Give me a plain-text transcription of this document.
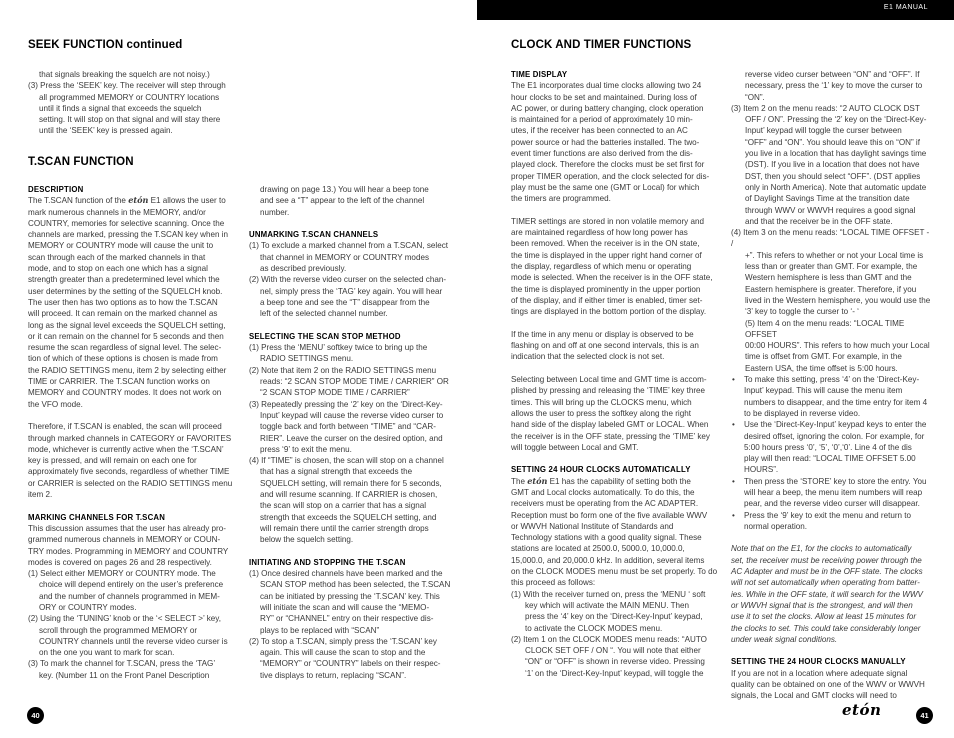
E1 MANUAL
SEEK FUNCTION continued

that signals breaking the squelch are not noisy.)

(3) Press the ‘SEEK’ key. The receiver will step through

all programmed MEMORY or COUNTRY locations

until it finds a signal that exceeds the squelch

setting. It will stop on that signal and will stay there

until the ‘SEEK’ key is pressed again.

T.SCAN FUNCTION

DESCRIPTION

The T.SCAN function of the etón E1 allows the user to

mark numerous channels in the MEMORY, and/or

COUNTRY, memories for selective scanning. Once the

channels are marked, pressing the T.SCAN key when in

MEMORY or COUNTRY mode will cause the unit to

scan through each of the marked channels in that

mode, and to stop on each one which has a signal

strength greater than a predetermined level which the

user determines by the setting of the SQUELCH knob.

The user then has two options as to how the T.SCAN

will proceed. It can remain on the marked channel as

long as the signal level exceeds the SQUELCH setting,

or it can remain on the channel for 5 seconds and then

resume the scan regardless of signal level. The selec-

tion of which of these options is chosen is made from

the RADIO SETTINGS menu, item 2 by selecting either

TIME or CARRIER. The T.SCAN function works on

MEMORY and COUNTRY modes. It does not work on

the VFO mode.

Therefore, if T.SCAN is enabled, the scan will proceed

through marked channels in CATEGORY or FAVORITES

mode, whichever is currently active when the ‘T.SCAN’

key is pressed, and will remain on each one for

approximately five seconds, regardless of whether TIME

or CARRIER is selected on the RADIO SETTINGS menu

item 2.

MARKING CHANNELS FOR T.SCAN

This discussion assumes that the user has already pro-

grammed numerous channels in MEMORY or COUN-

TRY modes. Programming in MEMORY and COUNTRY

modes is covered on pages 26 and 28 respectively.

(1) Select either MEMORY or COUNTRY mode. The

choice will depend entirely on the user’s preference

and the number of channels programmed in MEM-

ORY or COUNTRY modes.

(2) Using the ‘TUNING’ knob or the ‘< SELECT >’ key,

scroll through the programmed MEMORY or

COUNTRY channels until the reverse video curser is

on the one you want to mark for scan.

(3) To mark the channel for T.SCAN, press the ‘TAG’

key. (Number 11 on the Front Panel Description

drawing on page 13.) You will hear a beep tone

and see a “T” appear to the left of the channel

number.

UNMARKING T.SCAN CHANNELS

(1) To exclude a marked channel from a T.SCAN, select

that channel in MEMORY or COUNTRY modes

as described previously.

(2) With the reverse video curser on the selected chan-

nel, simply press the ‘TAG’ key again. You will hear

a beep tone and see the “T” disappear from the

left of the selected channel number.

SELECTING THE SCAN STOP METHOD

(1) Press the ‘MENU’ softkey twice to bring up the

RADIO SETTINGS menu.

(2) Note that item 2 on the RADIO SETTINGS menu

reads: “2 SCAN STOP MODE TIME / CARRIER” OR

“2 SCAN STOP MODE TIME / CARRIER”

(3) Repeatedly pressing the ‘2’ key on the ‘Direct-Key-

Input’ keypad will cause the reverse video curser to

toggle back and forth between “TIME” and “CAR-

RIER”. Leave the curser on the desired option, and

press ‘9’ to exit the menu.

(4) If “TIME” is chosen, the scan will stop on a channel

that has a signal strength that exceeds the

SQUELCH setting, will remain there for 5 seconds,

and will resume scanning. If CARRIER is chosen,

the scan will stop on a carrier that has a signal

strength that exceeds the SQUELCH setting, and

will remain there until the carrier strength drops

below the squelch setting.

INITIATING AND STOPPING THE T.SCAN

(1) Once desired channels have been marked and the

SCAN STOP method has been selected, the T.SCAN

can be initiated by pressing the ‘T.SCAN’ key. This

will initiate the scan and will cause the “MEMO-

RY” or “CHANNEL” entry on their respective dis-

plays to be replaced with “SCAN”

(2) To stop a T.SCAN, simply press the ‘T.SCAN’ key

again. This will cause the scan to stop and the

“MEMORY” or “COUNTRY” labels on their respec-

tive displays to return, replacing “SCAN”.

40
CLOCK AND TIMER FUNCTIONS

TIME DISPLAY

The E1 incorporates dual time clocks allowing two 24

hour clocks to be set and maintained. During loss of

AC power, or during battery changing, clock operation

is maintained for a period of approximately 10 min-

utes, if the receiver has been connected to an AC

power source or had the batteries installed. The two-

event timer functions are also derived from the dis-

played clock. Therefore the clocks must be set first for

proper TIMER operation, and the clock selected for dis-

play must be the same one (GMT or Local) for which

the timers are programmed.

TIMER settings are stored in non volatile memory and

are maintained regardless of how long power has

been removed. When the receiver is in the ON state,

the time is displayed in the upper right hand corner of

the display, regardless of which menu or operating

mode is selected. When the receiver is in the OFF state,

the time is displayed prominently in the upper portion

of the display, and if either timer is enabled, timer set-

tings are displayed in the bottom portion of the display.

If the time in any menu or display is observed to be

flashing on and off at one second intervals, this is an

indication that the selected clock is not set.

Selecting between Local time and GMT time is accom-

plished by pressing and releasing the ‘TIME’ key three

times. This will bring up the CLOCKS menu, which

allows the user to press the softkey along the right

hand side of the display labeled GMT or LOCAL. When

the receiver is in the OFF state, pressing the ‘TIME’ key

will toggle between Local and GMT.

SETTING 24 HOUR CLOCKS AUTOMATICALLY

The etón E1 has the capability of setting both the

GMT and Local clocks automatically. To do this, the

receivers must be operating from the AC ADAPTER.

Reception must bo form one of the five available WWV

or WWVH National Institute of Standards and

Technology stations with a good quality signal. These

stations are located at 2500.0, 5000.0, 10,000.0,

15,000.0, and 20,000.0 kHz. In addition, several items

on the CLOCK MODES menu must be set properly. To do

this proceed as follows:

(1) With the receiver turned on, press the ‘MENU ‘ soft

key which will activate the MAIN MENU. Then

press the ‘4’ key on the ‘Direct-Key-Input’ keypad,

to activate the CLOCK MODES menu.

(2) Item 1 on the CLOCK MODES menu reads: “AUTO

CLOCK SET OFF / ON “. You will note that either

“ON” or “OFF” is shown in reverse video. Pressing

‘1’ on the ‘Direct-Key-Input’ keypad, will toggle the

reverse video curser between “ON” and “OFF”. If

necessary, press the ‘1’ key to move the curser to

“ON”.

(3) Item 2 on the menu reads: “2 AUTO CLOCK DST

OFF / ON”. Pressing the ‘2’ key on the ‘Direct-Key-

Input’ keypad will toggle the curser between

“OFF” and “ON”. You should leave this on “ON” if

you live in a location that has daylight savings time

(DST). If you live in a location that does not have

DST, then you should select “OFF”. (DST applies

only in North America). Note that automatic update

of Daylight Savings Time at the transition date

through WWV or WWVH requires a good signal

and that the receiver be in the OFF state.

(4) Item 3 on the menu reads: “LOCAL TIME OFFSET - /

+”. This refers to whether or not your Local time is

less than or greater than GMT. For example, the

Western hemisphere is less than GMT and the

Eastern hemisphere is greater. Therefore, if you

lived in the Western hemisphere, you would use the

‘3’ key to toggle the curser to ‘- ‘

(5) Item 4 on the menu reads: “LOCAL TIME OFFSET

00:00 HOURS”. This refers to how much your Local

time is offset from GMT. For example, in the

Eastern USA, the time offset is 5:00 hours.

• To make this setting, press ‘4’ on the ‘Direct-Key-

Input’ keypad. This will cause the menu item

numbers to disappear, and the time entry for item 4

to be displayed in reverse video.

• Use the ‘Direct-Key-Input’ keypad keys to enter the

desired offset, ignoring the colon. For example, for

5:00 hours press ‘0’, ‘5’, ‘0’,‘0’. Line 4 of the dis

play will then read: “LOCAL TIME OFFSET 5.00

HOURS”.

• Then press the ‘STORE’ key to store the entry. You

will hear a beep, the menu item numbers will reap

pear, and the reverse video curser will disappear.

• Press the ‘9’ key to exit the menu and return to

normal operation.

Note that on the E1, for the clocks to automatically

set, the receiver must be receiving power through the

AC Adapter and must be in the OFF state. The clocks

will not set automatically when operating from batter-

ies. While in the OFF state, it will search for the WWV

or WWVH signal that is the strongest, and will then

use it to set the clocks. Allow at least 15 minutes for

the clocks to set. This could take considerably longer

under weak signal conditions.

SETTING THE 24 HOUR CLOCKS MANUALLY

If you are not in a location where adequate signal

quality can be obtained on one of the WWV or WWVH

signals, the Local and GMT clocks will need to

etón	41
